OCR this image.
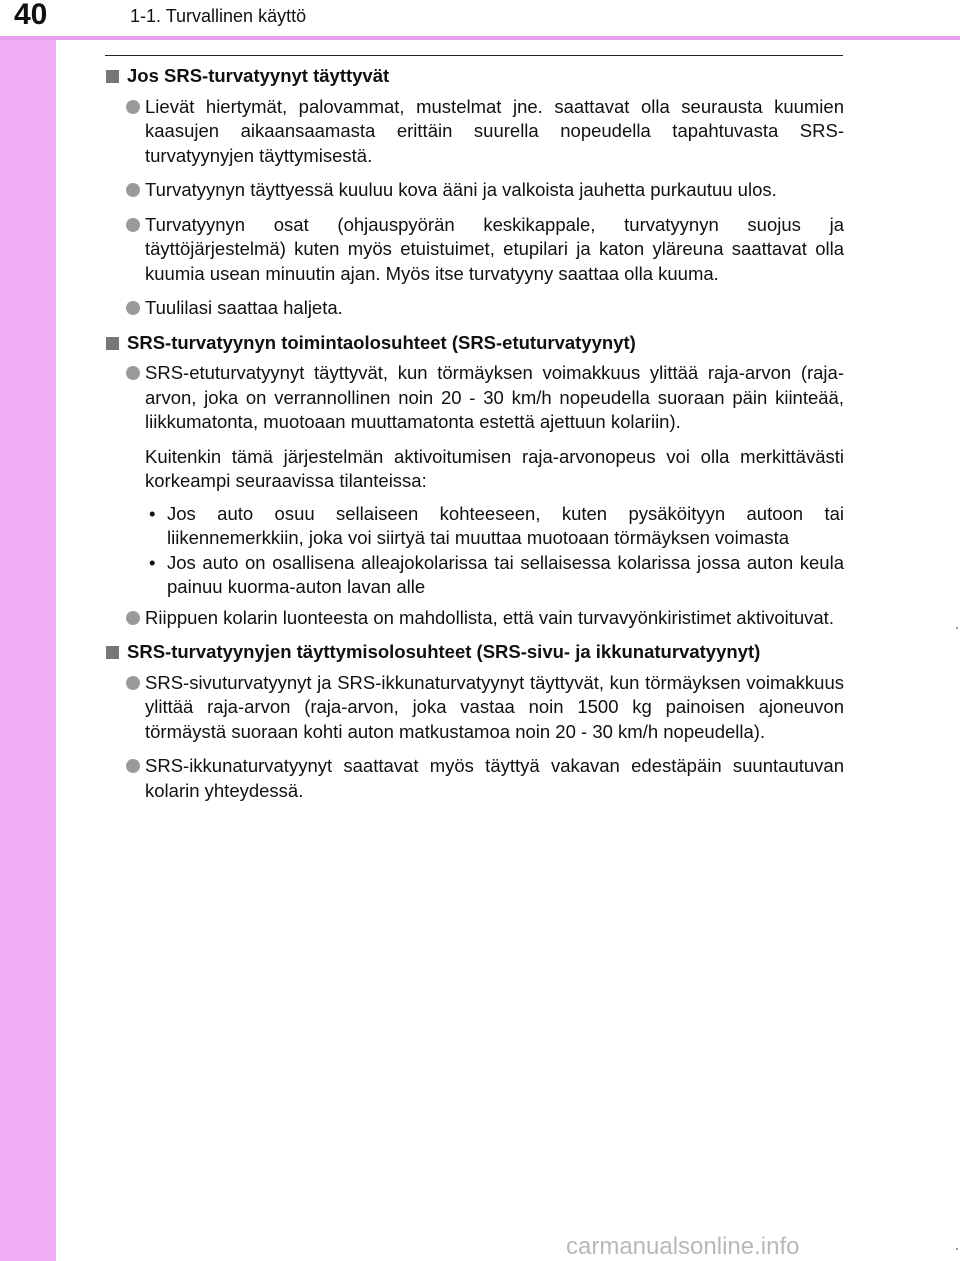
40	1-1. Turvallinen käyttö
Jos SRS-turvatyynyt täyttyvät
Lievät hiertymät, palovammat, mustelmat jne. saattavat olla seurausta kuumien kaasujen aikaansaamasta erittäin suurella nopeudella tapahtuvasta SRS-turvatyynyjen täyttymisestä.
Turvatyynyn täyttyessä kuuluu kova ääni ja valkoista jauhetta purkautuu ulos.
Turvatyynyn osat (ohjauspyörän keskikappale, turvatyynyn suojus ja täyttöjärjestelmä) kuten myös etuistuimet, etupilari ja katon yläreuna saattavat olla kuumia usean minuutin ajan. Myös itse turvatyyny saattaa olla kuuma.
Tuulilasi saattaa haljeta.
SRS-turvatyynyn toimintaolosuhteet (SRS-etuturvatyynyt)
SRS-etuturvatyynyt täyttyvät, kun törmäyksen voimakkuus ylittää raja-arvon (raja-arvon, joka on verrannollinen noin 20 - 30 km/h nopeudella suoraan päin kiinteää, liikkumatonta, muotoaan muuttamatonta estettä ajettuun kolariin).
Kuitenkin tämä järjestelmän aktivoitumisen raja-arvonopeus voi olla merkittävästi korkeampi seuraavissa tilanteissa:
• Jos auto osuu sellaiseen kohteeseen, kuten pysäköityyn autoon tai liikennemerkkiin, joka voi siirtyä tai muuttaa muotoaan törmäyksen voimasta
• Jos auto on osallisena alleajokolarissa tai sellaisessa kolarissa jossa auton keula painuu kuorma-auton lavan alle
Riippuen kolarin luonteesta on mahdollista, että vain turvavyönkiristimet aktivoituvat.
SRS-turvatyynyjen täyttymisolosuhteet (SRS-sivu- ja ikkunaturvatyynyt)
SRS-sivuturvatyynyt ja SRS-ikkunaturvatyynyt täyttyvät, kun törmäyksen voimakkuus ylittää raja-arvon (raja-arvon, joka vastaa noin 1500 kg painoisen ajoneuvon törmäystä suoraan kohti auton matkustamoa noin 20 - 30 km/h nopeudella).
SRS-ikkunaturvatyynyt saattavat myös täyttyä vakavan edestäpäin suuntautuvan kolarin yhteydessä.
carmanualsonline.info
